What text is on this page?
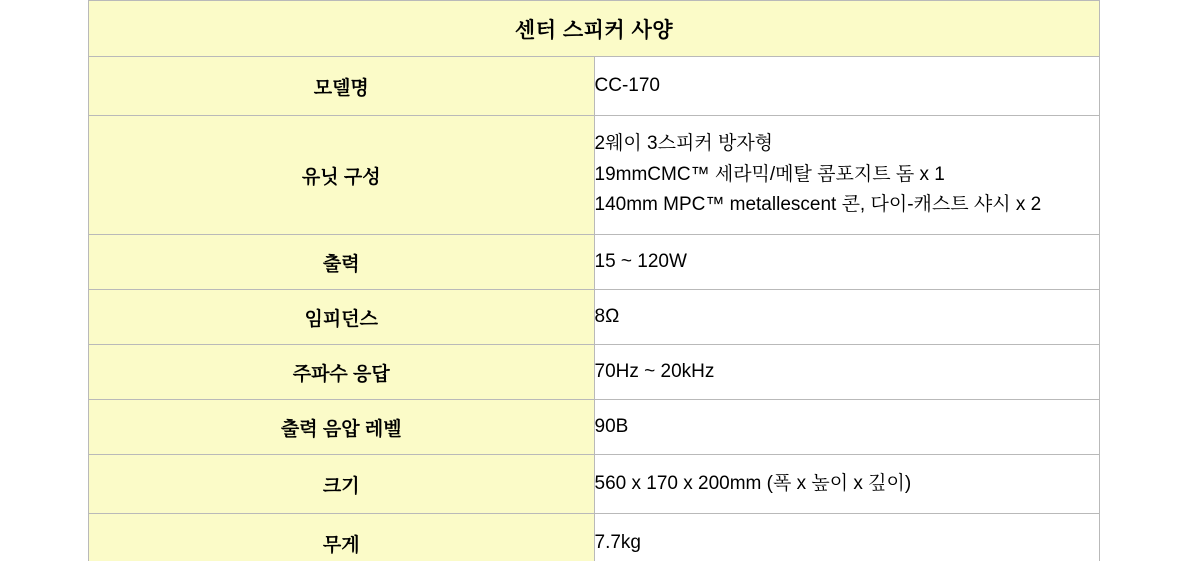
센터 스피커 사양	
모델명	CC-170

유닛 구성	2웨이 3스피커 방자형
19mmCMC™ 세라믹/메탈 콤포지트 돔 x 1
140mm MPC™ metallescent 콘, 다이-캐스트 샤시 x 2

출력	15 ~ 120W

임피던스	8Ω

주파수 응답	70Hz ~ 20kHz

출력 음압 레벨	90B

크기	560 x 170 x 200mm (폭 x 높이 x 깊이)

무게	7.7kg
